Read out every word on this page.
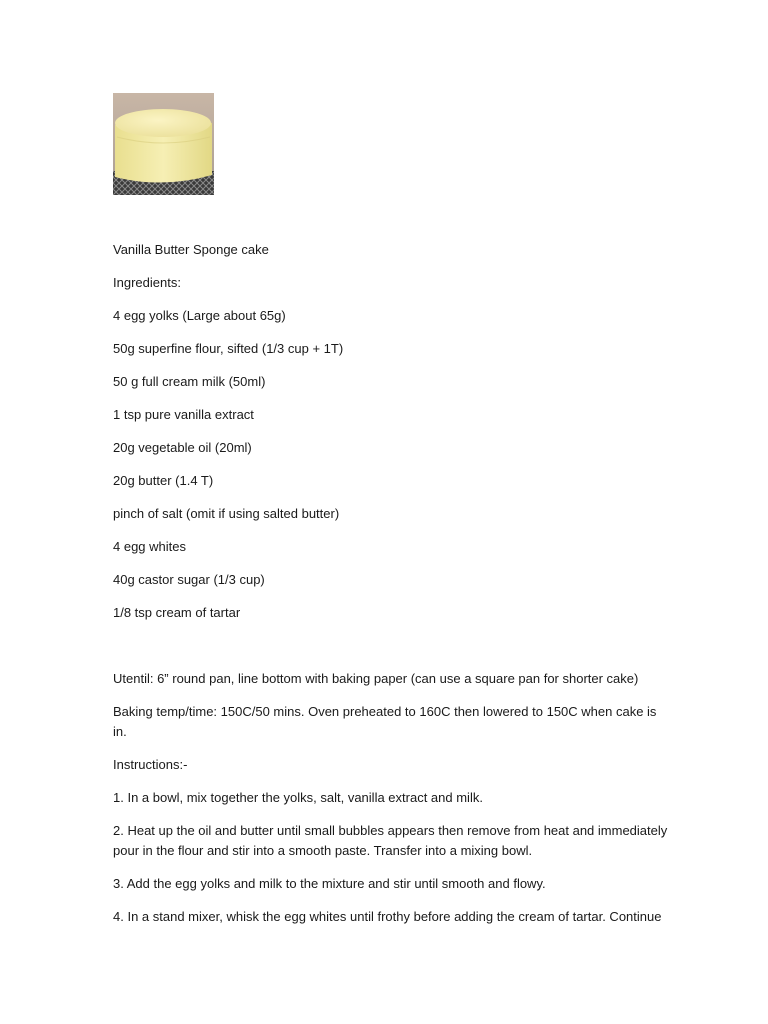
Vanilla Butter Sponge cake

Ingredients:

4 egg yolks (Large about 65g)

50g superfine flour, sifted (1/3 cup + 1T)

50 g full cream milk (50ml)

1 tsp pure vanilla extract

20g vegetable oil (20ml)

20g butter (1.4 T)

pinch of salt (omit if using salted butter)

4 egg whites

40g castor sugar (1/3 cup)

1/8 tsp cream of tartar

Utentil: 6” round pan, line bottom with baking paper (can use a square pan for shorter cake)

Baking temp/time: 150C/50 mins. Oven preheated to 160C then lowered to 150C when cake is in.

Instructions:-

1. In a bowl, mix together the yolks, salt, vanilla extract and milk.

2. Heat up the oil and butter until small bubbles appears then remove from heat and immediately pour in the flour and stir into a smooth paste. Transfer into a mixing bowl.

3. Add the egg yolks and milk to the mixture and stir until smooth and flowy.

4. In a stand mixer, whisk the egg whites until frothy before adding the cream of tartar. Continue
